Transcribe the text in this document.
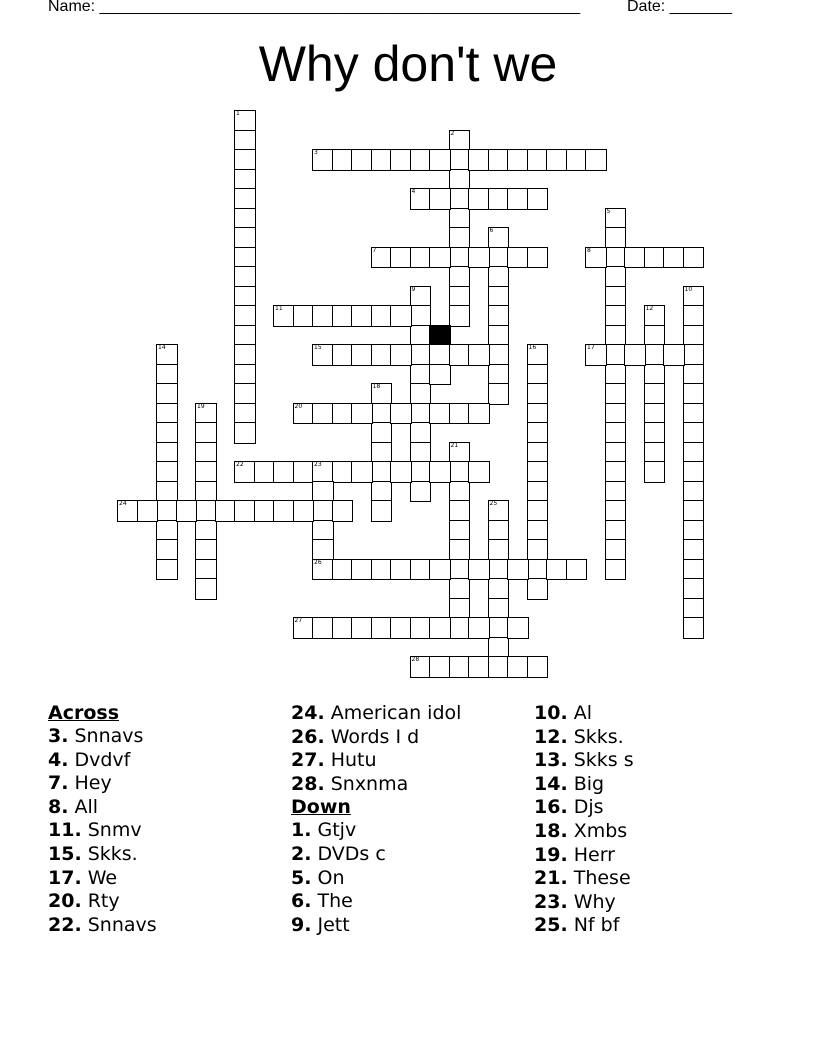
Name: ______________________________________________________	Date: _______
Why don't we
1
2
3
4
5
6
7	8
9	10
11	12
13
14	15	16	17
18
19	20
21
22	23
24	25
26
27
28
Across
3. Snnavs
4. Dvdvf
7. Hey
8. All
11. Snmv
15. Skks.
17. We
20. Rty
22. Snnavs
24. American idol
26. Words I d
27. Hutu
28. Snxnma
Down
1. Gtjv
2. DVDs c
5. On
6. The
9. Jett
10. Al
12. Skks.
13. Skks s
14. Big
16. Djs
18. Xmbs
19. Herr
21. These
23. Why
25. Nf bf
